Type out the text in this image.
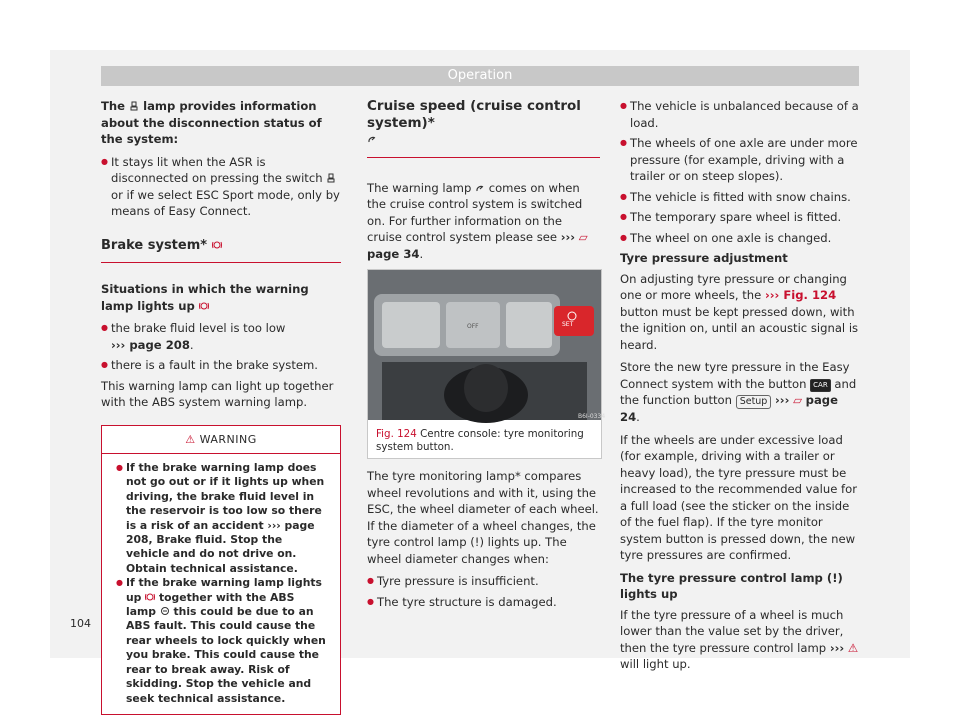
Operation

The lamp provides information about the disconnection status of the system:

● It stays lit when the ASR is disconnected on pressing the switch  or if we select ESC Sport mode, only by means of Easy Connect.

Brake system*

Situations in which the warning lamp lights up

● the brake fluid level is too low
››› page 208.
● there is a fault in the brake system.

This warning lamp can light up together with the ABS system warning lamp.

⚠ WARNING
● If the brake warning lamp does not go out or if it lights up when driving, the brake fluid level in the reservoir is too low so there is a risk of an accident ››› page 208, Brake fluid. Stop the vehicle and do not drive on. Obtain technical assistance.
● If the brake warning lamp lights up together with the ABS lamp this could be due to an ABS fault. This could cause the rear wheels to lock quickly when you brake. This could cause the rear to break away. Risk of skidding. Stop the vehicle and seek technical assistance.

Cruise speed (cruise control system)*

The warning lamp comes on when the cruise control system is switched on. For further information on the cruise control system please see ››› ▱ page 34.

B6I-0334
OFF	SET
Fig. 124 Centre console: tyre monitoring system button.

The tyre monitoring lamp* compares wheel revolutions and with it, using the ESC, the wheel diameter of each wheel. If the diameter of a wheel changes, the tyre control lamp (!) lights up. The wheel diameter changes when:

● Tyre pressure is insufficient.
● The tyre structure is damaged.
● The vehicle is unbalanced because of a load.
● The wheels of one axle are under more pressure (for example, driving with a trailer or on steep slopes).
● The vehicle is fitted with snow chains.
● The temporary spare wheel is fitted.
● The wheel on one axle is changed.

Tyre pressure adjustment

On adjusting tyre pressure or changing one or more wheels, the ››› Fig. 124 button must be kept pressed down, with the ignition on, until an acoustic signal is heard.

Store the new tyre pressure in the Easy Connect system with the button CAR and the function button Setup ››› ▱ page 24.

If the wheels are under excessive load (for example, driving with a trailer or heavy load), the tyre pressure must be increased to the recommended value for a full load (see the sticker on the inside of the fuel flap). If the tyre monitor system button is pressed down, the new tyre pressures are confirmed.

The tyre pressure control lamp (!) lights up

If the tyre pressure of a wheel is much lower than the value set by the driver, then the tyre pressure control lamp ››› ⚠ will light up.

104
